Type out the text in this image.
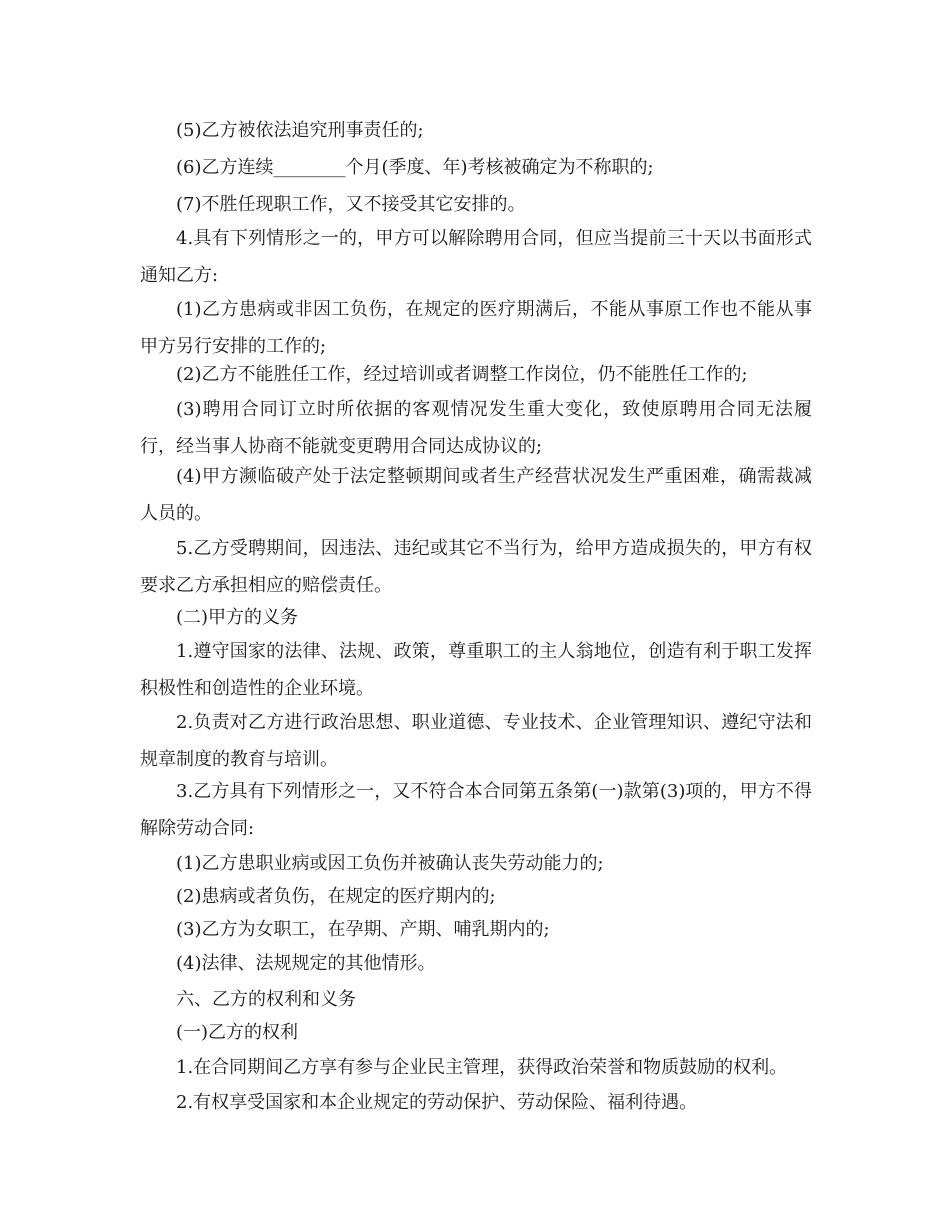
(5)乙方被依法追究刑事责任的;

(6)乙方连续________个月(季度、年)考核被确定为不称职的;

(7)不胜任现职工作，又不接受其它安排的。

4.具有下列情形之一的，甲方可以解除聘用合同，但应当提前三十天以书面形式通知乙方:

(1)乙方患病或非因工负伤，在规定的医疗期满后，不能从事原工作也不能从事甲方另行安排的工作的;

(2)乙方不能胜任工作，经过培训或者调整工作岗位，仍不能胜任工作的;

(3)聘用合同订立时所依据的客观情况发生重大变化，致使原聘用合同无法履行，经当事人协商不能就变更聘用合同达成协议的;

(4)甲方濒临破产处于法定整顿期间或者生产经营状况发生严重困难，确需裁减人员的。

5.乙方受聘期间，因违法、违纪或其它不当行为，给甲方造成损失的，甲方有权要求乙方承担相应的赔偿责任。

(二)甲方的义务

1.遵守国家的法律、法规、政策，尊重职工的主人翁地位，创造有利于职工发挥积极性和创造性的企业环境。

2.负责对乙方进行政治思想、职业道德、专业技术、企业管理知识、遵纪守法和规章制度的教育与培训。

3.乙方具有下列情形之一，又不符合本合同第五条第(一)款第(3)项的，甲方不得解除劳动合同:

(1)乙方患职业病或因工负伤并被确认丧失劳动能力的;

(2)患病或者负伤，在规定的医疗期内的;

(3)乙方为女职工，在孕期、产期、哺乳期内的;

(4)法律、法规规定的其他情形。

六、乙方的权利和义务

(一)乙方的权利

1.在合同期间乙方享有参与企业民主管理，获得政治荣誉和物质鼓励的权利。

2.有权享受国家和本企业规定的劳动保护、劳动保险、福利待遇。
